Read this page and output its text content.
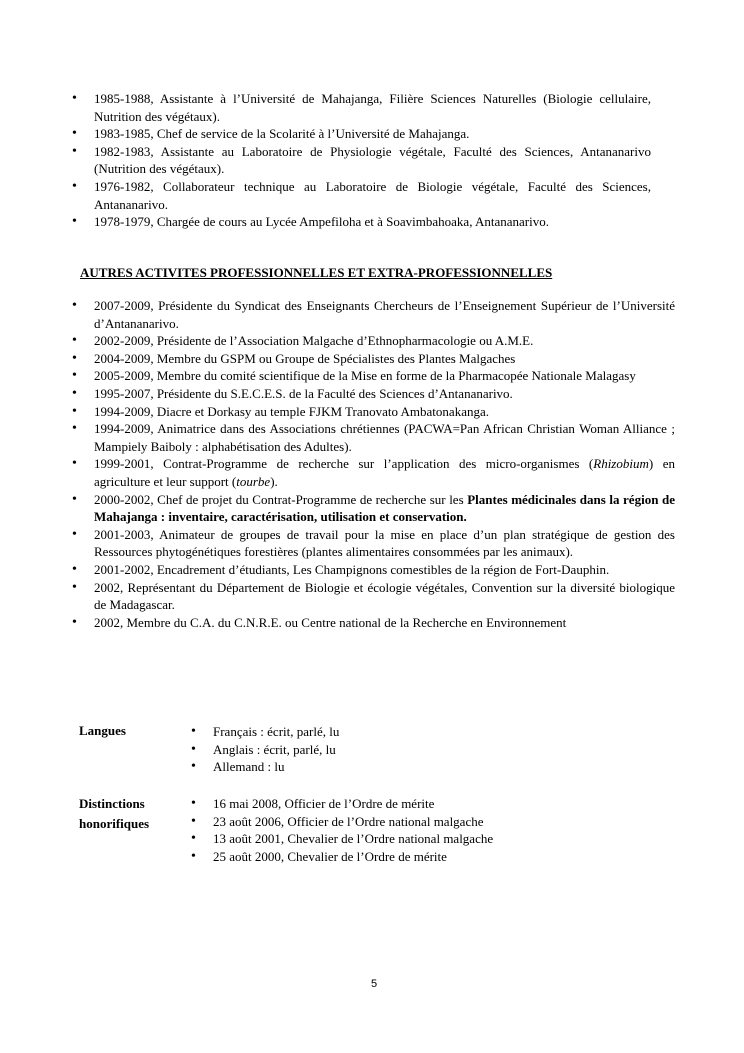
• 1985-1988, Assistante à l’Université de Mahajanga, Filière Sciences Naturelles (Biologie cellulaire, Nutrition des végétaux).
• 1983-1985, Chef de service de la Scolarité à l’Université de Mahajanga.
• 1982-1983, Assistante au Laboratoire de Physiologie végétale, Faculté des Sciences, Antananarivo (Nutrition des végétaux).
• 1976-1982, Collaborateur technique au Laboratoire de Biologie végétale, Faculté des Sciences, Antananarivo.
• 1978-1979, Chargée de cours au Lycée Ampefiloha et à Soavimbahoaka, Antananarivo.
AUTRES ACTIVITES PROFESSIONNELLES ET EXTRA-PROFESSIONNELLES
• 2007-2009, Présidente du Syndicat des Enseignants Chercheurs de l’Enseignement Supérieur de l’Université d’Antananarivo.
• 2002-2009, Présidente de l’Association Malgache d’Ethnopharmacologie ou A.M.E.
• 2004-2009, Membre du GSPM ou Groupe de Spécialistes des Plantes Malgaches
• 2005-2009, Membre du comité scientifique de la Mise en forme de la Pharmacopée Nationale Malagasy
• 1995-2007, Présidente du S.E.C.E.S. de la Faculté des Sciences d’Antananarivo.
• 1994-2009, Diacre et Dorkasy au temple FJKM Tranovato Ambatonakanga.
• 1994-2009, Animatrice dans des Associations chrétiennes (PACWA=Pan African Christian Woman Alliance ; Mampiely Baiboly : alphabétisation des Adultes).
• 1999-2001, Contrat-Programme de recherche sur l’application des micro-organismes (Rhizobium) en agriculture et leur support (tourbe).
• 2000-2002, Chef de projet du Contrat-Programme de recherche sur les Plantes médicinales dans la région de Mahajanga : inventaire, caractérisation, utilisation et conservation.
• 2001-2003, Animateur de groupes de travail pour la mise en place d’un plan stratégique de gestion des Ressources phytogénétiques forestières (plantes alimentaires consommées par les animaux).
• 2001-2002, Encadrement d’étudiants, Les Champignons comestibles de la région de Fort-Dauphin.
• 2002, Représentant du Département de Biologie et écologie végétales, Convention sur la diversité biologique de Madagascar.
• 2002, Membre du C.A. du C.N.R.E. ou Centre national de la Recherche en Environnement
Langues
•	Français : écrit, parlé, lu
• Anglais : écrit, parlé, lu
• Allemand : lu
Distinctions
honorifiques
• 16 mai 2008, Officier de l’Ordre de mérite
• 23 août 2006, Officier de l’Ordre national malgache
• 13 août 2001, Chevalier de l’Ordre national malgache
• 25 août 2000, Chevalier de l’Ordre de mérite
5
